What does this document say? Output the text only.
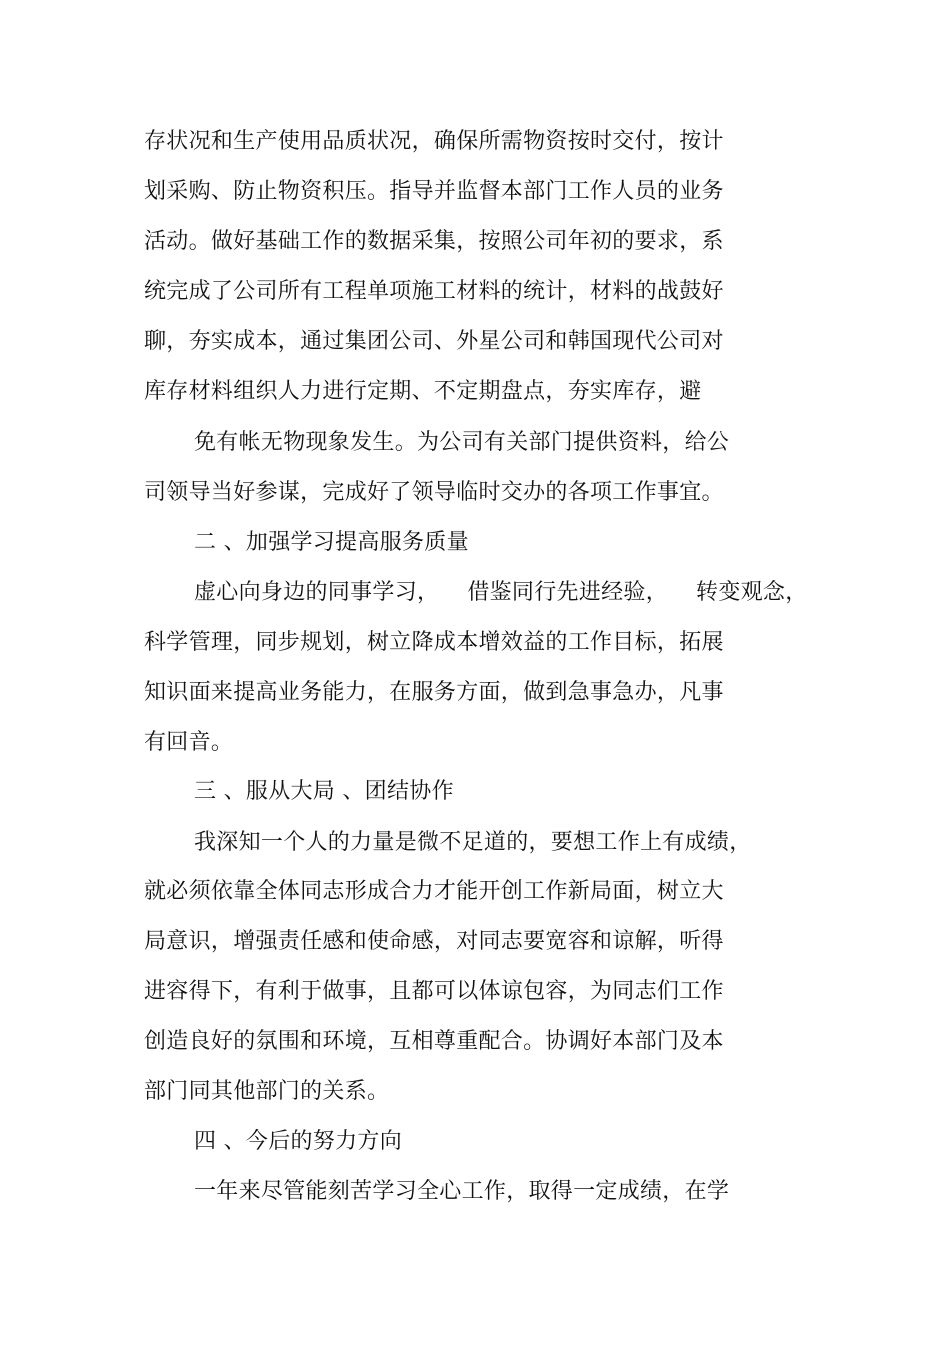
存状况和生产使用品质状况，确保所需物资按时交付，按计
划采购、防止物资积压。指导并监督本部门工作人员的业务
活动。做好基础工作的数据采集，按照公司年初的要求，系
统完成了公司所有工程单项施工材料的统计，材料的战鼓好
聊，夯实成本，通过集团公司、外星公司和韩国现代公司对
库存材料组织人力进行定期、不定期盘点，夯实库存，避
免有帐无物现象发生。为公司有关部门提供资料，给公
司领导当好参谋，完成好了领导临时交办的各项工作事宜。
二 、加强学习提高服务质量
虚心向身边的同事学习， 借鉴同行先进经验， 转变观念，
科学管理，同步规划，树立降成本增效益的工作目标，拓展
知识面来提高业务能力，在服务方面，做到急事急办，凡事
有回音。
三 、服从大局 、团结协作
我深知一个人的力量是微不足道的，要想工作上有成绩，
就必须依靠全体同志形成合力才能开创工作新局面，树立大
局意识，增强责任感和使命感，对同志要宽容和谅解，听得
进容得下，有利于做事，且都可以体谅包容，为同志们工作
创造良好的氛围和环境，互相尊重配合。协调好本部门及本
部门同其他部门的关系。
四 、今后的努力方向
一年来尽管能刻苦学习全心工作，取得一定成绩，在学
